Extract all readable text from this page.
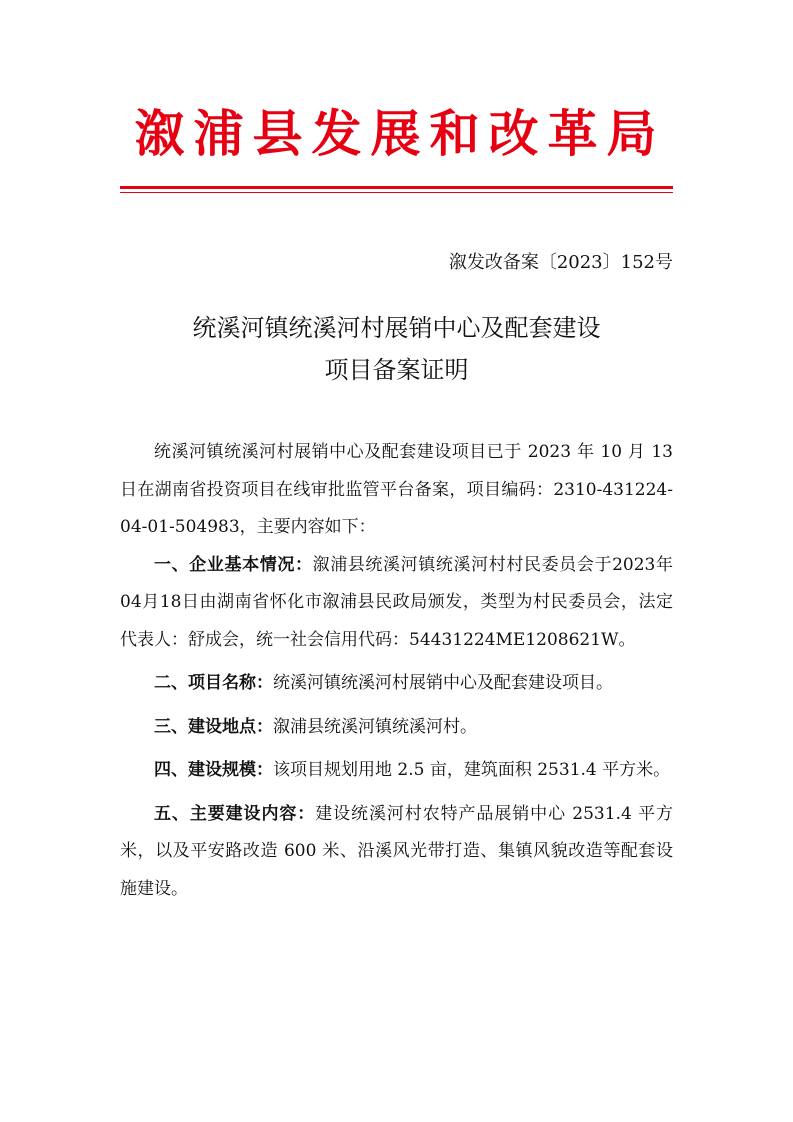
溆浦县发展和改革局
溆发改备案〔2023〕152号
统溪河镇统溪河村展销中心及配套建设
项目备案证明

统溪河镇统溪河村展销中心及配套建设项目已于 2023 年 10 月 13 日在湖南省投资项目在线审批监管平台备案，项目编码：2310-431224-04-01-504983，主要内容如下：

一、企业基本情况：溆浦县统溪河镇统溪河村村民委员会于2023年04月18日由湖南省怀化市溆浦县民政局颁发，类型为村民委员会，法定代表人：舒成会，统一社会信用代码：54431224ME1208621W。

二、项目名称：统溪河镇统溪河村展销中心及配套建设项目。

三、建设地点：溆浦县统溪河镇统溪河村。

四、建设规模：该项目规划用地 2.5 亩，建筑面积 2531.4 平方米。

五、主要建设内容：建设统溪河村农特产品展销中心 2531.4 平方米，以及平安路改造 600 米、沿溪风光带打造、集镇风貌改造等配套设施建设。
